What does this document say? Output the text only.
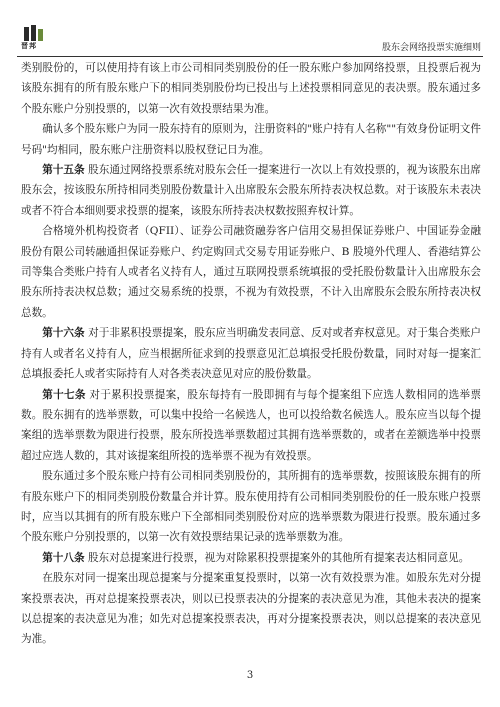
晋邦	股东会网络投票实施细则

类别股份的，可以使用持有该上市公司相同类别股份的任一股东账户参加网络投票，且投票后视为该股东拥有的所有股东账户下的相同类别股份均已投出与上述投票相同意见的表决票。股东通过多个股东账户分别投票的，以第一次有效投票结果为准。

确认多个股东账户为同一股东持有的原则为，注册资料的"账户持有人名称""有效身份证明文件号码"均相同，股东账户注册资料以股权登记日为准。

第十五条 股东通过网络投票系统对股东会任一提案进行一次以上有效投票的，视为该股东出席股东会，按该股东所持相同类别股份数量计入出席股东会股东所持表决权总数。对于该股东未表决或者不符合本细则要求投票的提案，该股东所持表决权数按照弃权计算。

合格境外机构投资者（QFII）、证券公司融资融券客户信用交易担保证券账户、中国证券金融股份有限公司转融通担保证券账户、约定购回式交易专用证券账户、B 股境外代理人、香港结算公司等集合类账户持有人或者名义持有人，通过互联网投票系统填报的受托股份数量计入出席股东会股东所持表决权总数；通过交易系统的投票，不视为有效投票，不计入出席股东会股东所持表决权总数。

第十六条 对于非累积投票提案，股东应当明确发表同意、反对或者弃权意见。对于集合类账户持有人或者名义持有人，应当根据所征求到的投票意见汇总填报受托股份数量，同时对每一提案汇总填报委托人或者实际持有人对各类表决意见对应的股份数量。

第十七条 对于累积投票提案，股东每持有一股即拥有与每个提案组下应选人数相同的选举票数。股东拥有的选举票数，可以集中投给一名候选人，也可以投给数名候选人。股东应当以每个提案组的选举票数为限进行投票，股东所投选举票数超过其拥有选举票数的，或者在差额选举中投票超过应选人数的，其对该提案组所投的选举票不视为有效投票。

股东通过多个股东账户持有公司相同类别股份的，其所拥有的选举票数，按照该股东拥有的所有股东账户下的相同类别股份数量合并计算。股东使用持有公司相同类别股份的任一股东账户投票时，应当以其拥有的所有股东账户下全部相同类别股份对应的选举票数为限进行投票。股东通过多个股东账户分别投票的，以第一次有效投票结果记录的选举票数为准。

第十八条 股东对总提案进行投票，视为对除累积投票提案外的其他所有提案表达相同意见。

在股东对同一提案出现总提案与分提案重复投票时，以第一次有效投票为准。如股东先对分提案投票表决，再对总提案投票表决，则以已投票表决的分提案的表决意见为准，其他未表决的提案以总提案的表决意见为准；如先对总提案投票表决，再对分提案投票表决，则以总提案的表决意见为准。

3
